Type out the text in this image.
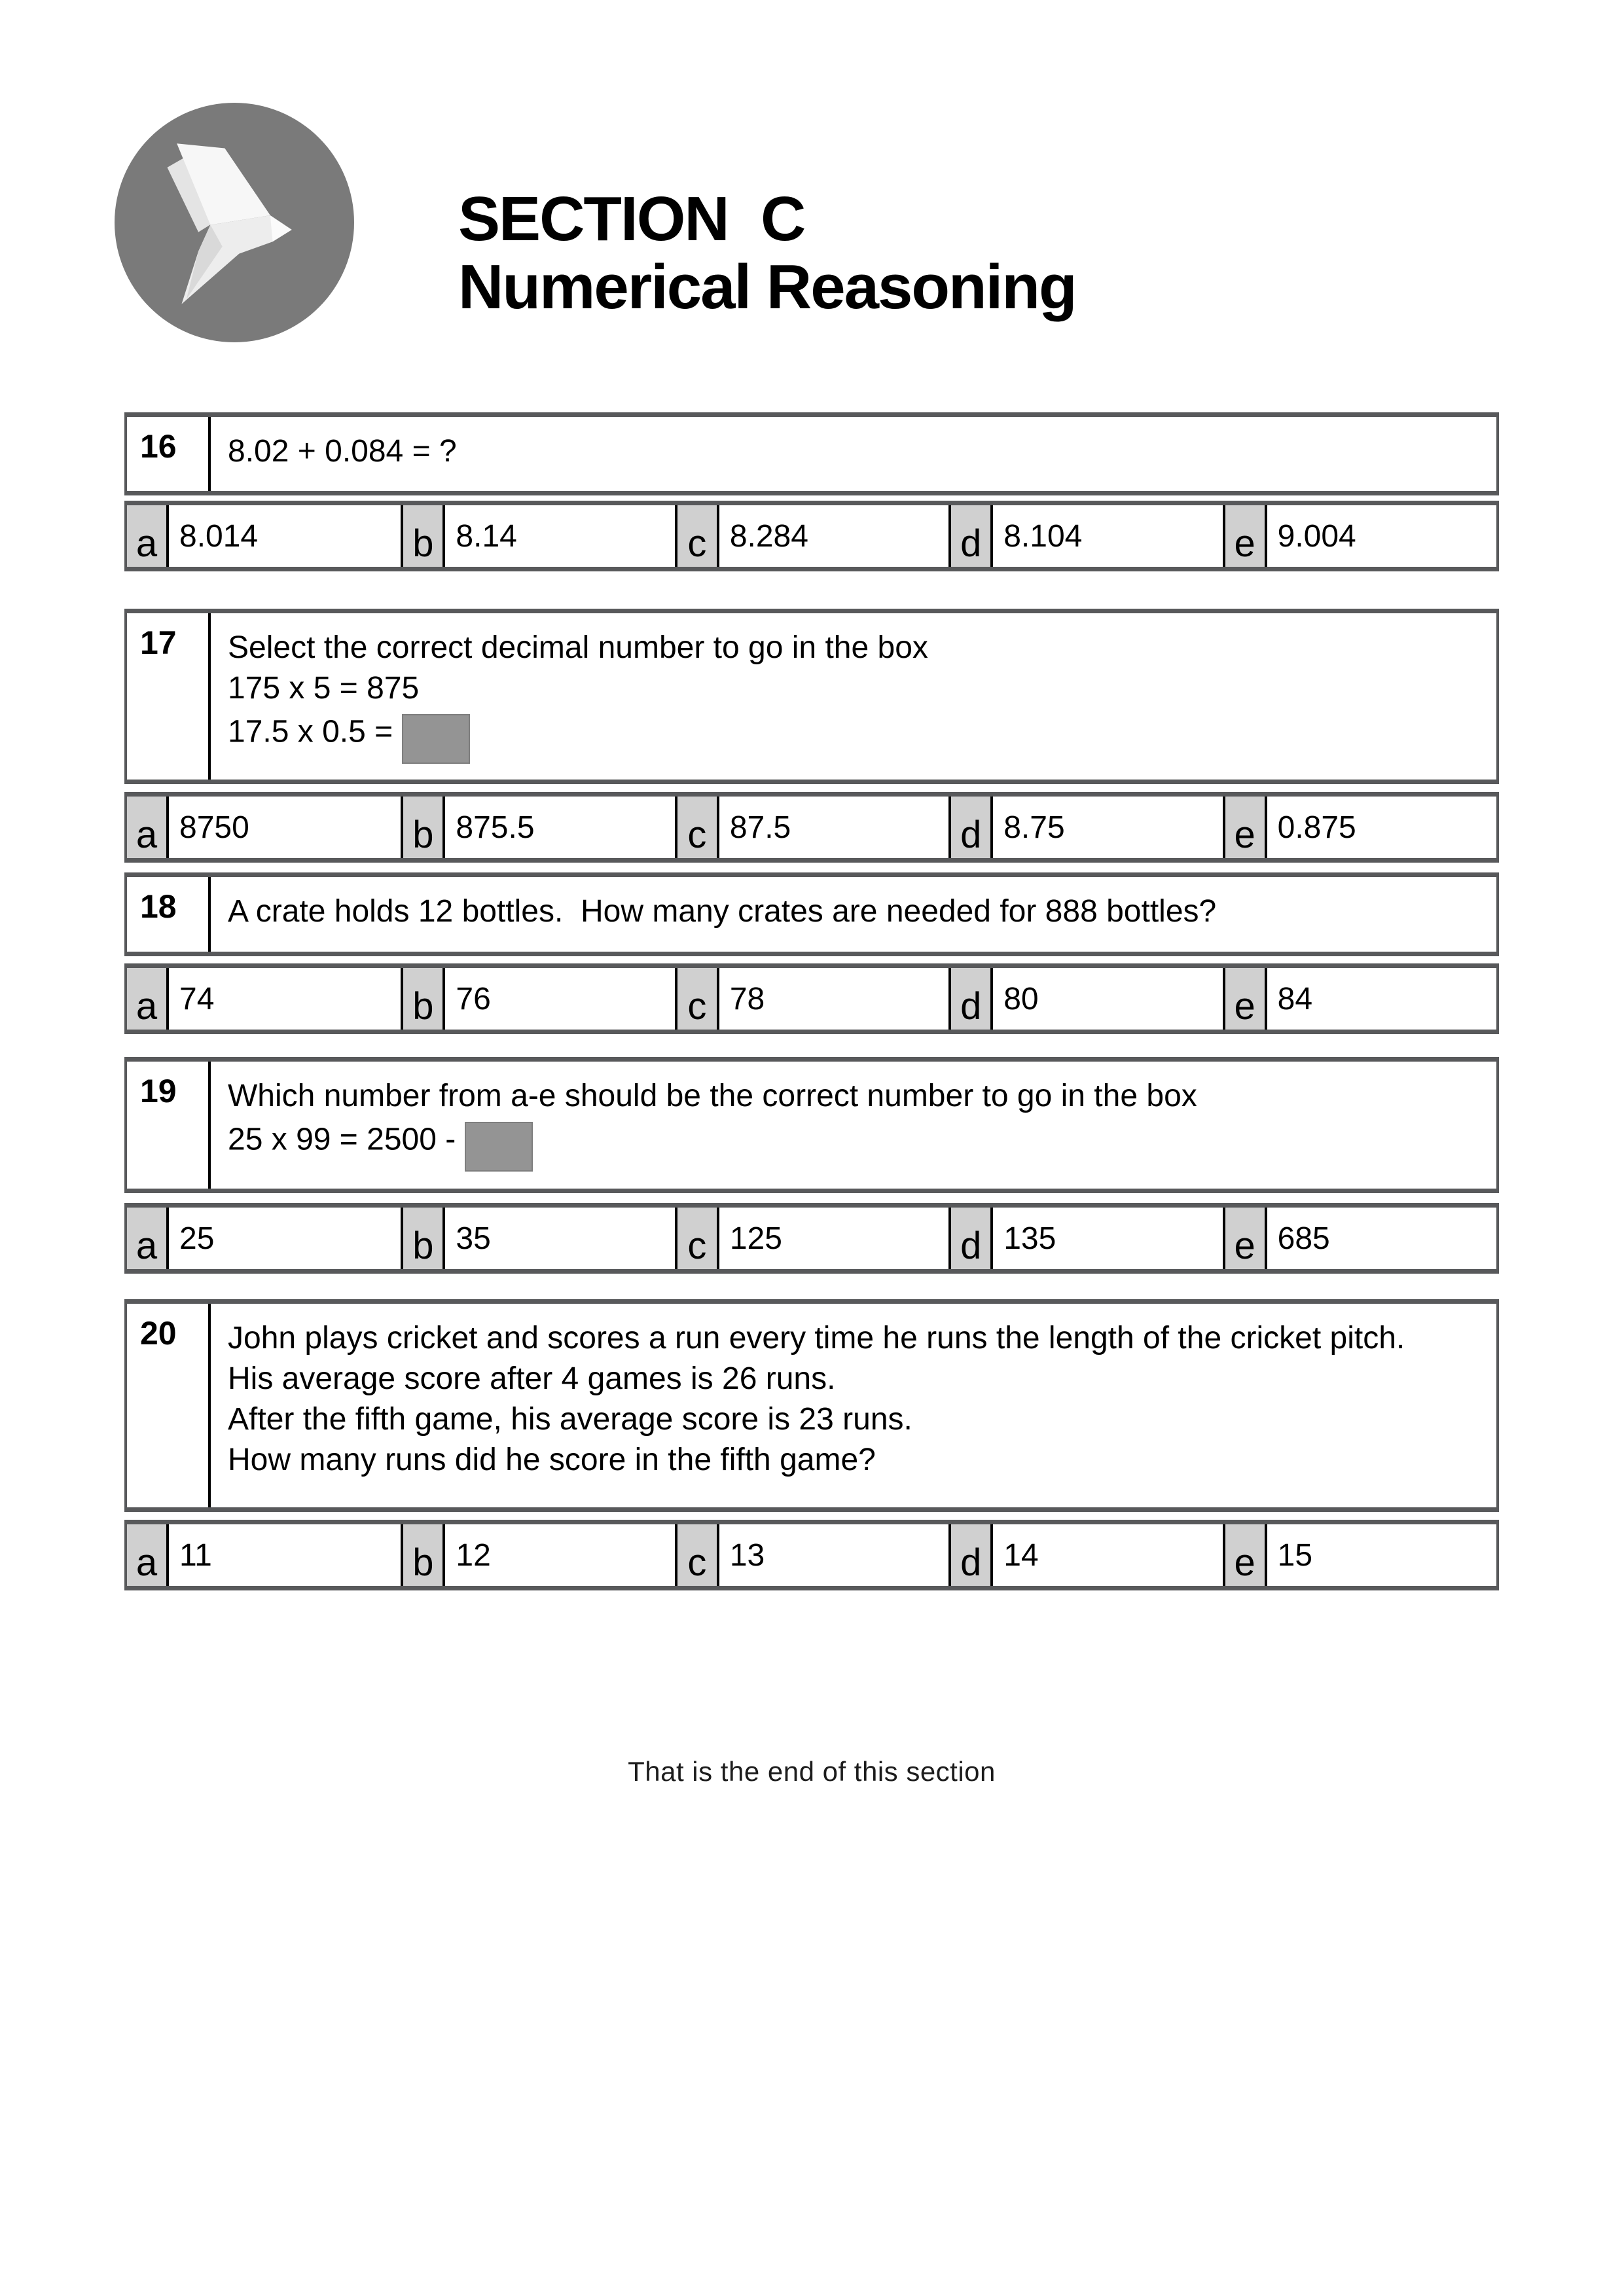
SECTION  C
Numerical Reasoning
16	8.02 + 0.084 = ?
a 8.014	b 8.14	c 8.284	d 8.104	e 9.004
17	Select the correct decimal number to go in the box
175 x 5 = 875
17.5 x 0.5 =
a 8750	b 875.5	c 87.5	d 8.75	e 0.875
18	A crate holds 12 bottles.  How many crates are needed for 888 bottles?
a 74	b 76	c 78	d 80	e 84
19	Which number from a-e should be the correct number to go in the box
25 x 99 = 2500 -
a 25	b 35	c 125	d 135	e 685
20	John plays cricket and scores a run every time he runs the length of the cricket pitch.
His average score after 4 games is 26 runs.
After the fifth game, his average score is 23 runs.
How many runs did he score in the fifth game?
a 11	b 12	c 13	d 14	e 15
That is the end of this section
